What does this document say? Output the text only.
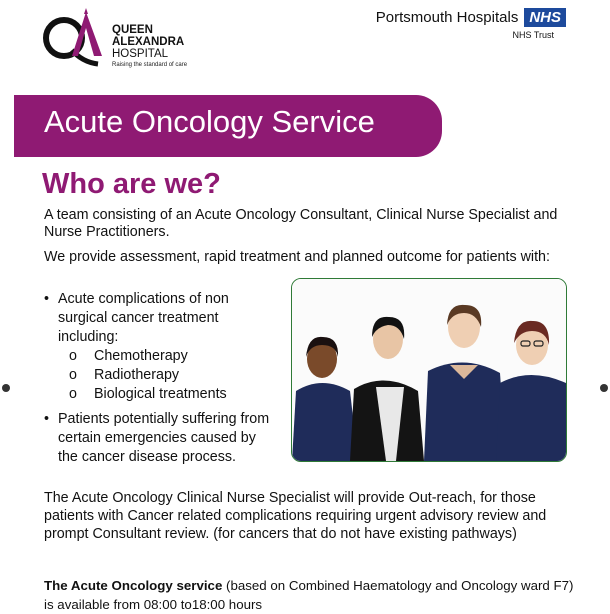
QUEEN
ALEXANDRA
HOSPITAL
Raising the standard of care
Portsmouth Hospitals NHS
NHS Trust
Acute Oncology Service
Who are we?
A team consisting of an Acute Oncology Consultant, Clinical Nurse Specialist and Nurse Practitioners.
We provide assessment, rapid treatment and planned outcome for patients with:
• Acute complications of non surgical cancer treatment including:
o Chemotherapy
o Radiotherapy
o Biological treatments
• Patients potentially suffering from certain emergencies caused by the cancer disease process.
The Acute Oncology Clinical Nurse Specialist will provide Out-reach, for those patients with Cancer related complications requiring urgent advisory review and prompt Consultant review. (for cancers that do not have existing pathways)
The Acute Oncology service (based on Combined Haematology and Oncology ward F7)
is available from 08:00 to18:00 hours
